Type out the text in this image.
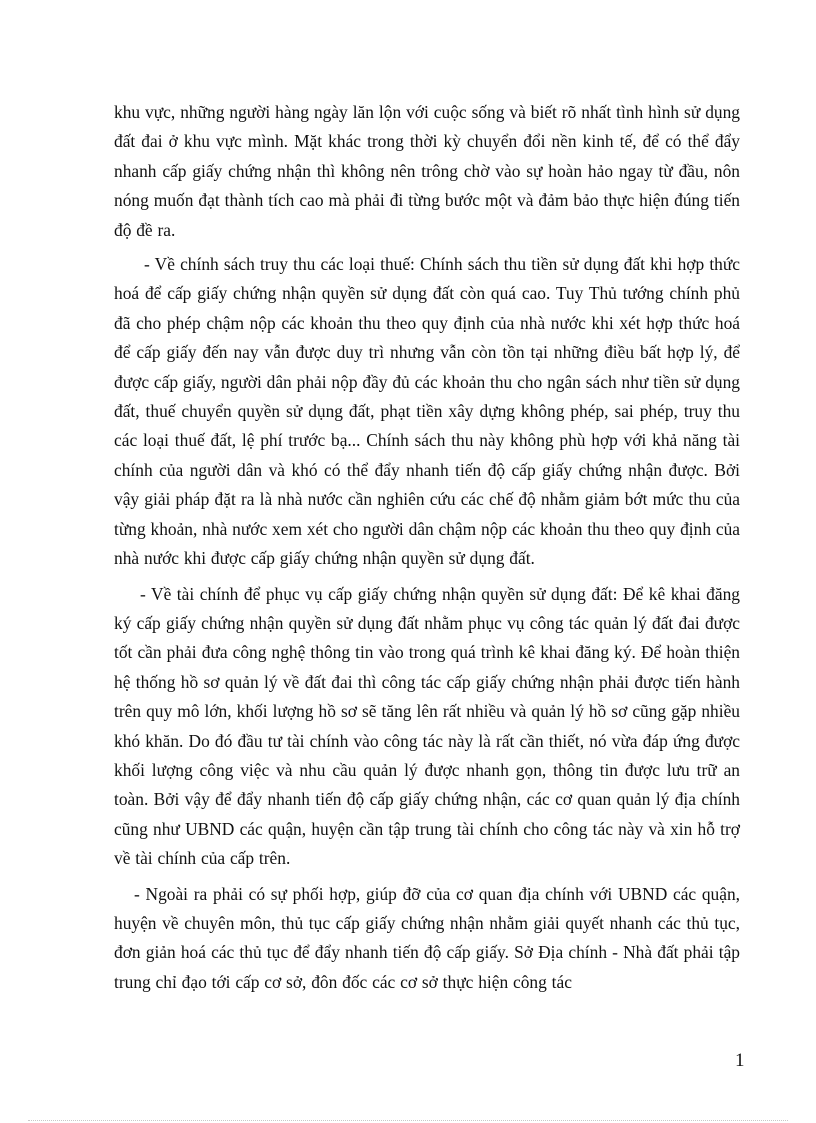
khu vực, những người hàng ngày lăn lộn với cuộc sống và biết rõ nhất tình hình sử dụng đất đai ở khu vực mình. Mặt khác trong thời kỳ chuyển đổi nền kinh tế, để có thể đẩy nhanh cấp giấy chứng nhận thì không nên trông chờ vào sự hoàn hảo ngay từ đầu, nôn nóng muốn đạt thành tích cao mà phải đi từng bước một và đảm bảo thực hiện đúng tiến độ đề ra.

- Về chính sách truy thu các loại thuế: Chính sách thu tiền sử dụng đất khi hợp thức hoá để cấp giấy chứng nhận quyền sử dụng đất còn quá cao. Tuy Thủ tướng chính phủ đã cho phép chậm nộp các khoản thu theo quy định của nhà nước khi xét hợp thức hoá để cấp giấy đến nay vẫn được duy trì nhưng vẫn còn tồn tại những điều bất hợp lý, để được cấp giấy, người dân phải nộp đầy đủ các khoản thu cho ngân sách như tiền sử dụng đất, thuế chuyển quyền sử dụng đất, phạt tiền xây dựng không phép, sai phép, truy thu các loại thuế đất, lệ phí trước bạ... Chính sách thu này không phù hợp với khả năng tài chính của người dân và khó có thể đẩy nhanh tiến độ cấp giấy chứng nhận được. Bởi vậy giải pháp đặt ra là nhà nước cần nghiên cứu các chế độ nhằm giảm bớt mức thu của từng khoản, nhà nước xem xét cho người dân chậm nộp các khoản thu theo quy định của nhà nước khi được cấp giấy chứng nhận quyền sử dụng đất.

- Về tài chính để phục vụ cấp giấy chứng nhận quyền sử dụng đất: Để kê khai đăng ký cấp giấy chứng nhận quyền sử dụng đất nhằm phục vụ công tác quản lý đất đai được tốt cần phải đưa công nghệ thông tin vào trong quá trình kê khai đăng ký. Để hoàn thiện hệ thống hồ sơ quản lý về đất đai thì công tác cấp giấy chứng nhận phải được tiến hành trên quy mô lớn, khối lượng hồ sơ sẽ tăng lên rất nhiều và quản lý hồ sơ cũng gặp nhiều khó khăn. Do đó đầu tư tài chính vào công tác này là rất cần thiết, nó vừa đáp ứng được khối lượng công việc và nhu cầu quản lý được nhanh gọn, thông tin được lưu trữ an toàn. Bởi vậy để đẩy nhanh tiến độ cấp giấy chứng nhận, các cơ quan quản lý địa chính cũng như UBND các quận, huyện cần tập trung tài chính cho công tác này và xin hỗ trợ về tài chính của cấp trên.

- Ngoài ra phải có sự phối hợp, giúp đỡ của cơ quan địa chính với UBND các quận, huyện về chuyên môn, thủ tục cấp giấy chứng nhận nhằm giải quyết nhanh các thủ tục, đơn giản hoá các thủ tục để đẩy nhanh tiến độ cấp giấy. Sở Địa chính - Nhà đất phải tập trung chỉ đạo tới cấp cơ sở, đôn đốc các cơ sở thực hiện công tác

1
